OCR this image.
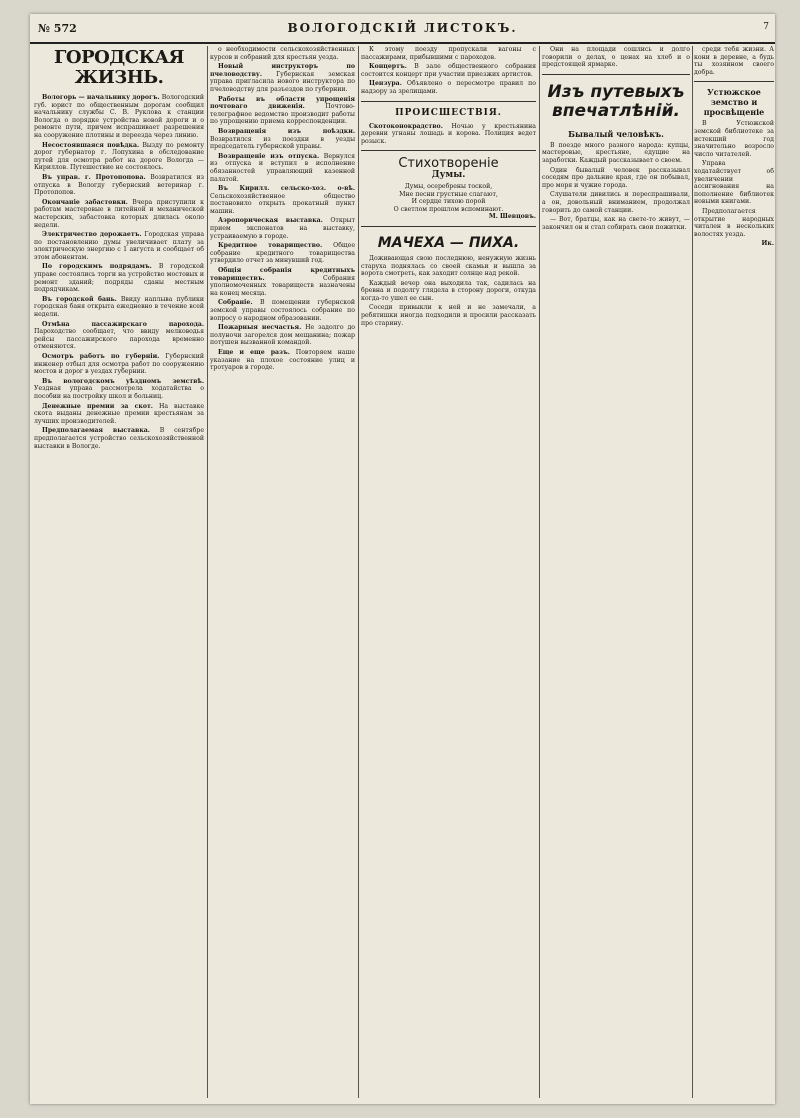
№ 572	ВОЛОГОДСКІЙ ЛИСТОКЪ.	7
ГОРОДСКАЯ ЖИЗНЬ.

Вологорь — начальнику дорогъ. Вологодский губ. юрист по общественным дорогам сообщил начальнику службы С. В. Руклова к станции Вологда о порядке устройства новой дороги и о ремонте пути, причем испрашивает разрешения на сооружение плотины и переезда через линию.

Несостоявшаяся повѣдка. Вызду по ремонту дорог губернатор г. Лопухина в обследование путей для осмотра работ на дороге Вологда — Кириллов. Путешествие не состоялось.

Въ управ. г. Протопопова. Возвратился из отпуска в Вологду губернский ветеринар г. Протопопов.

Окончаніе забастовки. Вчера приступили к работам мастеровые в литейной и механической мастерских, забастовка которых длилась около недели.

Электричество дорожаетъ. Городская управа по постановлению думы увеличивает плату за электрическую энергию с 1 августа и сообщает об этом абонентам.

По городскимъ подрядамъ. В городской управе состоялись торги на устройство мостовых и ремонт зданий; подряды сданы местным подрядчикам.

Въ городской бань. Ввиду наплыва публики городская баня открыта ежедневно в течение всей недели.

Отмѣна пассажирскаго парохода. Пароходство сообщает, что ввиду мелководья рейсы пассажирского парохода временно отменяются.

Осмотръ работъ по губерніи. Губернский инженер отбыл для осмотра работ по сооружению мостов и дорог в уездах губернии.

Въ вологодскомъ уѣздномъ земствѣ. Уездная управа рассмотрела ходатайства о пособии на постройку школ и больниц.

Денежные премии за скот. На выставке скота выданы денежные премии крестьянам за лучших производителей.

Предполагаемая выставка. В сентябре предполагается устройство сельскохозяйственной выставки в Вологде.

о необходимости сельскохозяйственных курсов и собраний для крестьян уезда.

Новый инструкторъ по пчеловодству. Губернская земская управа пригласила нового инструктора по пчеловодству для разъездов по губернии.

Работы въ области упрощенія почтоваго движенія.	Почтово-телеграфное ведомство производит работы по упрощению приема корреспонденции.

Возвращенія изъ поѣздки. Возвратился из поездки в уезды председатель губернской управы.

Возвращеніе изъ отпуска. Вернулся из отпуска и вступил в исполнение обязанностей управляющий казенной палатой.

Въ Кирилл. сельско-хоз. о-вѣ. Сельскохозяйственное общество постановило открыть прокатный пункт машин.

Аэропорическая выставка. Открыт прием экспонатов на выставку, устраиваемую в городе.

Кредитное товарищество. Общее собрание кредитного товарищества утвердило отчет за минувший год.

Общія собранія кредитныхъ товариществъ.	Собрания уполномоченных товариществ назначены на конец месяца.

Собраніе. В помещении губернской земской управы состоялось собрание по вопросу о народном образовании.

Пожарныя несчастья. Не задолго до полуночи загорелся дом мещанина; пожар потушен вызванной командой.

Еще и еще разъ. Повторяем наше указание на плохое состояние улиц и тротуаров в городе.

К этому поезду пропускали вагоны с пассажирами, прибывшими с пароходов.

Концертъ. В зале общественного собрания состоится концерт при участии приезжих артистов.

Цензура. Объявлено о пересмотре правил по надзору за зрелищами.

ПРОИСШЕСТВІЯ.

Скотоконокрадство. Ночью у крестьянина деревни угнаны лошадь и корова. Полиция ведет розыск.

Стихотвореніе
Думы.
Думы, осеребрены тоской,
Мне песни грустные слагают,
И сердце тихою порой
О светлом прошлом вспоминают.
М. Шевцовъ.
МАЧЕХА — ПИХА.

Доживающая свою последнюю, ненужную жизнь старуха поднялась со своей скамьи и вышла за ворота смотреть, как заходит солнце над рекой.

Каждый вечер она выходила так, садилась на бревна и подолгу глядела в сторону дороги, откуда когда-то ушел ее сын.

Соседи привыкли к ней и не замечали, а ребятишки иногда подходили и просили рассказать про старину.

Они на площади сошлись и долго говорили о делах, о ценах на хлеб и о предстоящей ярмарке.

Изъ путевыхъ впечатлѣній.
Бывалый человѣкъ.

В поезде много разного народа: купцы, мастеровые, крестьяне, едущие на заработки. Каждый рассказывает о своем.

Один бывалый человек рассказывал соседям про дальние края, где он побывал, про моря и чужие города.

Слушатели дивились и переспрашивали, а он, довольный вниманием, продолжал говорить до самой станции.

— Вот, братцы, как на свете-то живут, — закончил он и стал собирать свои пожитки.

среди тебя жизни. А кони в деревне, а будь ты хозяином своего добра.

Устюжское земство и просвѣщеніе

В Устюжской земской библиотеке за истекший год значительно возросло число читателей.

Управа ходатайствует об увеличении ассигнования на пополнение библиотек новыми книгами.

Предполагается открытие народных читален в нескольких волостях уезда.

Ик.
